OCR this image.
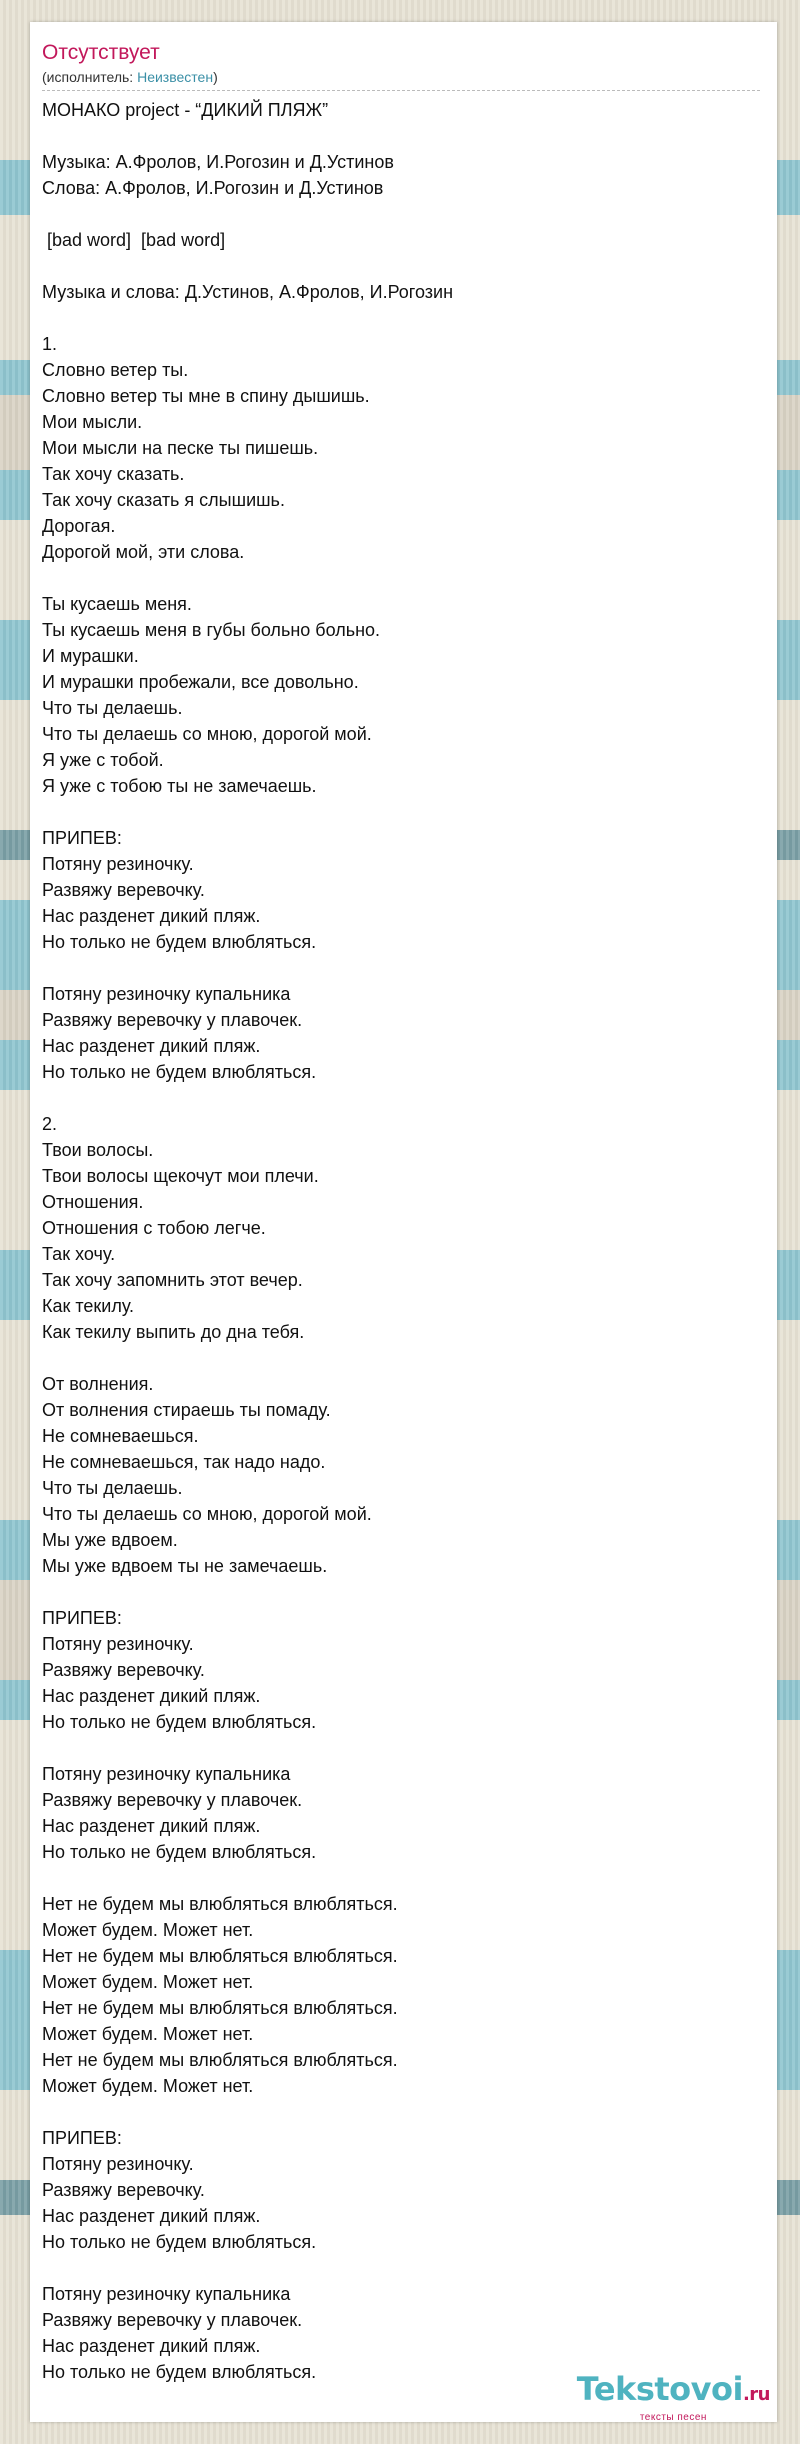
Отсутствует
(исполнитель: Неизвестен)
МОНАКО project - “ДИКИЙ ПЛЯЖ”
Музыка: А.Фролов, И.Рогозин и Д.Устинов
Слова: А.Фролов, И.Рогозин и Д.Устинов
[bad word]  [bad word]
Музыка и слова: Д.Устинов, А.Фролов, И.Рогозин
1.
Словно ветер ты.
Словно ветер ты мне в спину дышишь.
Мои мысли.
Мои мысли на песке ты пишешь.
Так хочу сказать.
Так хочу сказать я слышишь.
Дорогая.
Дорогой мой, эти слова.
Ты кусаешь меня.
Ты кусаешь меня в губы больно больно.
И мурашки.
И мурашки пробежали, все довольно.
Что ты делаешь.
Что ты делаешь со мною, дорогой мой.
Я уже с тобой.
Я уже с тобою ты не замечаешь.
ПРИПЕВ:
Потяну резиночку.
Развяжу веревочку.
Нас разденет дикий пляж.
Но только не будем влюбляться.
Потяну резиночку купальника
Развяжу веревочку у плавочек.
Нас разденет дикий пляж.
Но только не будем влюбляться.
2.
Твои волосы.
Твои волосы щекочут мои плечи.
Отношения.
Отношения с тобою легче.
Так хочу.
Так хочу запомнить этот вечер.
Как текилу.
Как текилу выпить до дна тебя.
От волнения.
От волнения стираешь ты помаду.
Не сомневаешься.
Не сомневаешься, так надо надо.
Что ты делаешь.
Что ты делаешь со мною, дорогой мой.
Мы уже вдвоем.
Мы уже вдвоем ты не замечаешь.
ПРИПЕВ:
Потяну резиночку.
Развяжу веревочку.
Нас разденет дикий пляж.
Но только не будем влюбляться.
Потяну резиночку купальника
Развяжу веревочку у плавочек.
Нас разденет дикий пляж.
Но только не будем влюбляться.
Нет не будем мы влюбляться влюбляться.
Может будем. Может нет.
Нет не будем мы влюбляться влюбляться.
Может будем. Может нет.
Нет не будем мы влюбляться влюбляться.
Может будем. Может нет.
Нет не будем мы влюбляться влюбляться.
Может будем. Может нет.
ПРИПЕВ:
Потяну резиночку.
Развяжу веревочку.
Нас разденет дикий пляж.
Но только не будем влюбляться.
Потяну резиночку купальника
Развяжу веревочку у плавочек.
Нас разденет дикий пляж.
Но только не будем влюбляться.	Tekstovoi.ru
тексты песен
